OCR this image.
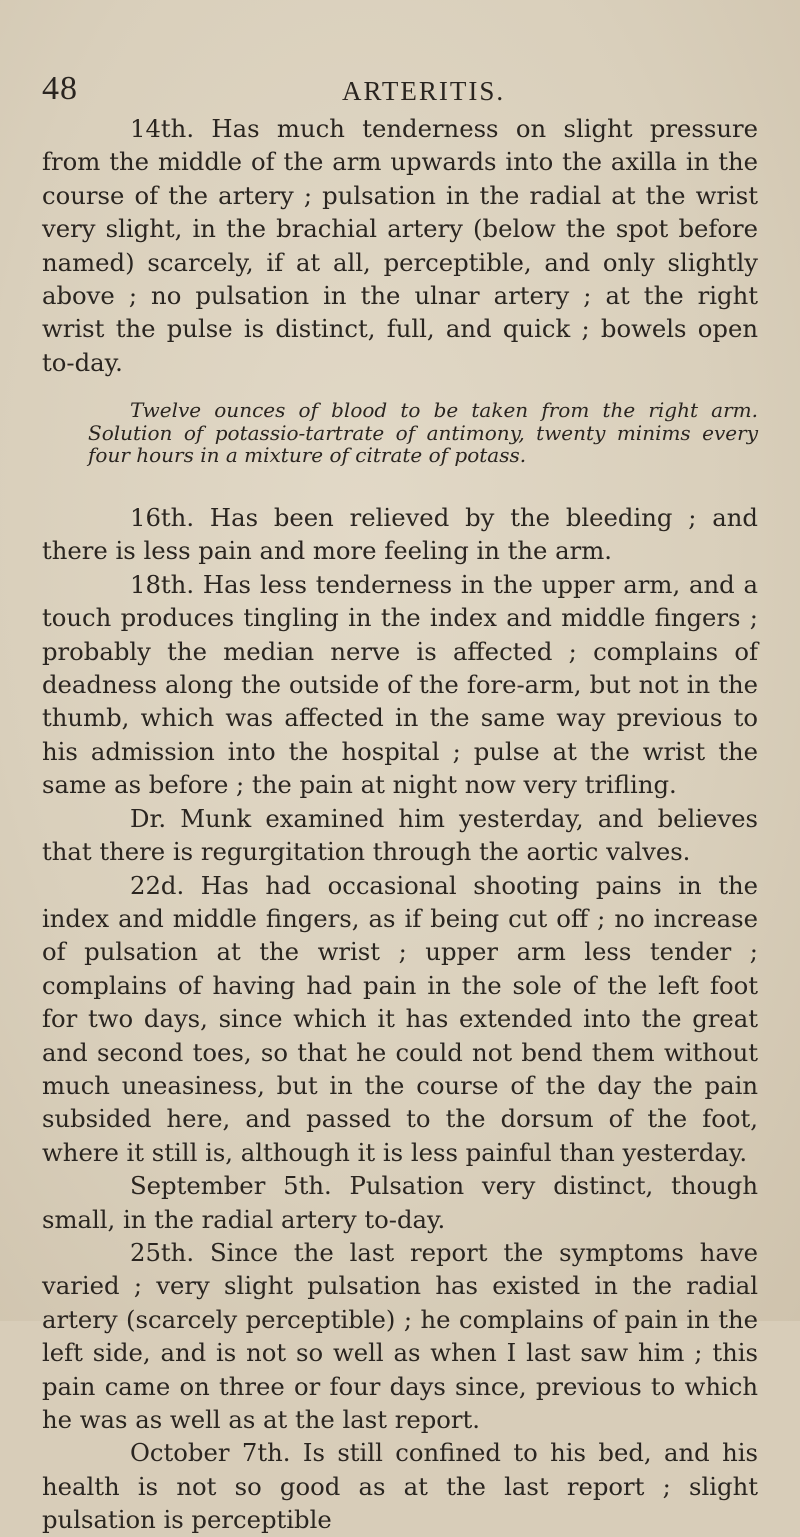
48	ARTERITIS.

14th. Has much tenderness on slight pressure from the middle of the arm upwards into the axilla in the course of the artery ; pulsation in the radial at the wrist very slight, in the brachial artery (below the spot before named) scarcely, if at all, perceptible, and only slightly above ; no pulsation in the ulnar artery ; at the right wrist the pulse is distinct, full, and quick ; bowels open to-day.

Twelve ounces of blood to be taken from the right arm. Solution of potassio-tartrate of antimony, twenty minims every four hours in a mixture of citrate of potass.

16th. Has been relieved by the bleeding ; and there is less pain and more feeling in the arm.

18th. Has less tenderness in the upper arm, and a touch produces tingling in the index and middle fingers ; probably the median nerve is affected ; complains of deadness along the outside of the fore-arm, but not in the thumb, which was affected in the same way previous to his admission into the hospital ; pulse at the wrist the same as before ; the pain at night now very trifling.

Dr. Munk examined him yesterday, and believes that there is regurgitation through the aortic valves.

22d. Has had occasional shooting pains in the index and middle fingers, as if being cut off ; no increase of pulsation at the wrist ; upper arm less tender ; complains of having had pain in the sole of the left foot for two days, since which it has extended into the great and second toes, so that he could not bend them without much uneasiness, but in the course of the day the pain subsided here, and passed to the dorsum of the foot, where it still is, although it is less painful than yesterday.

September 5th. Pulsation very distinct, though small, in the radial artery to-day.

25th. Since the last report the symptoms have varied ; very slight pulsation has existed in the radial artery (scarcely perceptible) ; he complains of pain in the left side, and is not so well as when I last saw him ; this pain came on three or four days since, previous to which he was as well as at the last report.

October 7th. Is still confined to his bed, and his health is not so good as at the last report ; slight pulsation is perceptible
